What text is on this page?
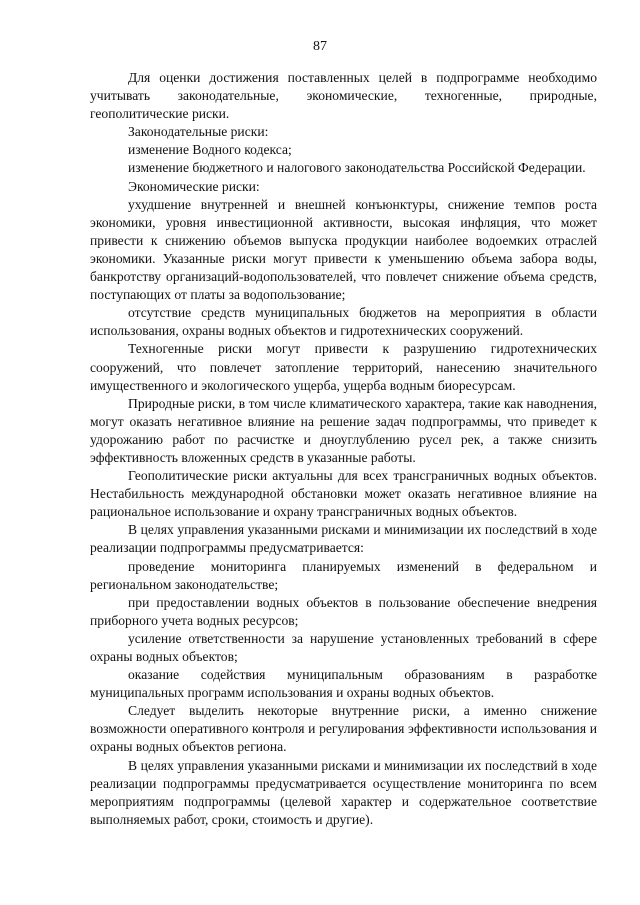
87

Для оценки достижения поставленных целей в подпрограмме необходимо учитывать законодательные, экономические, техногенные, природные, геополитические риски.

Законодательные риски:

изменение Водного кодекса;

изменение бюджетного и налогового законодательства Российской Федерации.

Экономические риски:

ухудшение внутренней и внешней конъюнктуры, снижение темпов роста экономики, уровня инвестиционной активности, высокая инфляция, что может привести к снижению объемов выпуска продукции наиболее водоемких отраслей экономики. Указанные риски могут привести к уменьшению объема забора воды, банкротству организаций-водопользователей, что повлечет снижение объема средств, поступающих от платы за водопользование;

отсутствие средств муниципальных бюджетов на мероприятия в области использования, охраны водных объектов и гидротехнических сооружений.

Техногенные риски могут привести к разрушению гидротехнических сооружений, что повлечет затопление территорий, нанесению значительного имущественного и экологического ущерба, ущерба водным биоресурсам.

Природные риски, в том числе климатического характера, такие как наводнения, могут оказать негативное влияние на решение задач подпрограммы, что приведет к удорожанию работ по расчистке и дноуглублению русел рек, а также снизить эффективность вложенных средств в указанные работы.

Геополитические риски актуальны для всех трансграничных водных объектов. Нестабильность международной обстановки может оказать негативное влияние на рациональное использование и охрану трансграничных водных объектов.

В целях управления указанными рисками и минимизации их последствий в ходе реализации подпрограммы предусматривается:

проведение мониторинга планируемых изменений в федеральном и региональном законодательстве;

при предоставлении водных объектов в пользование обеспечение внедрения приборного учета водных ресурсов;

усиление ответственности за нарушение установленных требований в сфере охраны водных объектов;

оказание содействия муниципальным образованиям в разработке муниципальных программ использования и охраны водных объектов.

Следует выделить некоторые внутренние риски, а именно снижение возможности оперативного контроля и регулирования эффективности использования и охраны водных объектов региона.

В целях управления указанными рисками и минимизации их последствий в ходе реализации подпрограммы предусматривается осуществление мониторинга по всем мероприятиям подпрограммы (целевой характер и содержательное соответствие выполняемых работ, сроки, стоимость и другие).
